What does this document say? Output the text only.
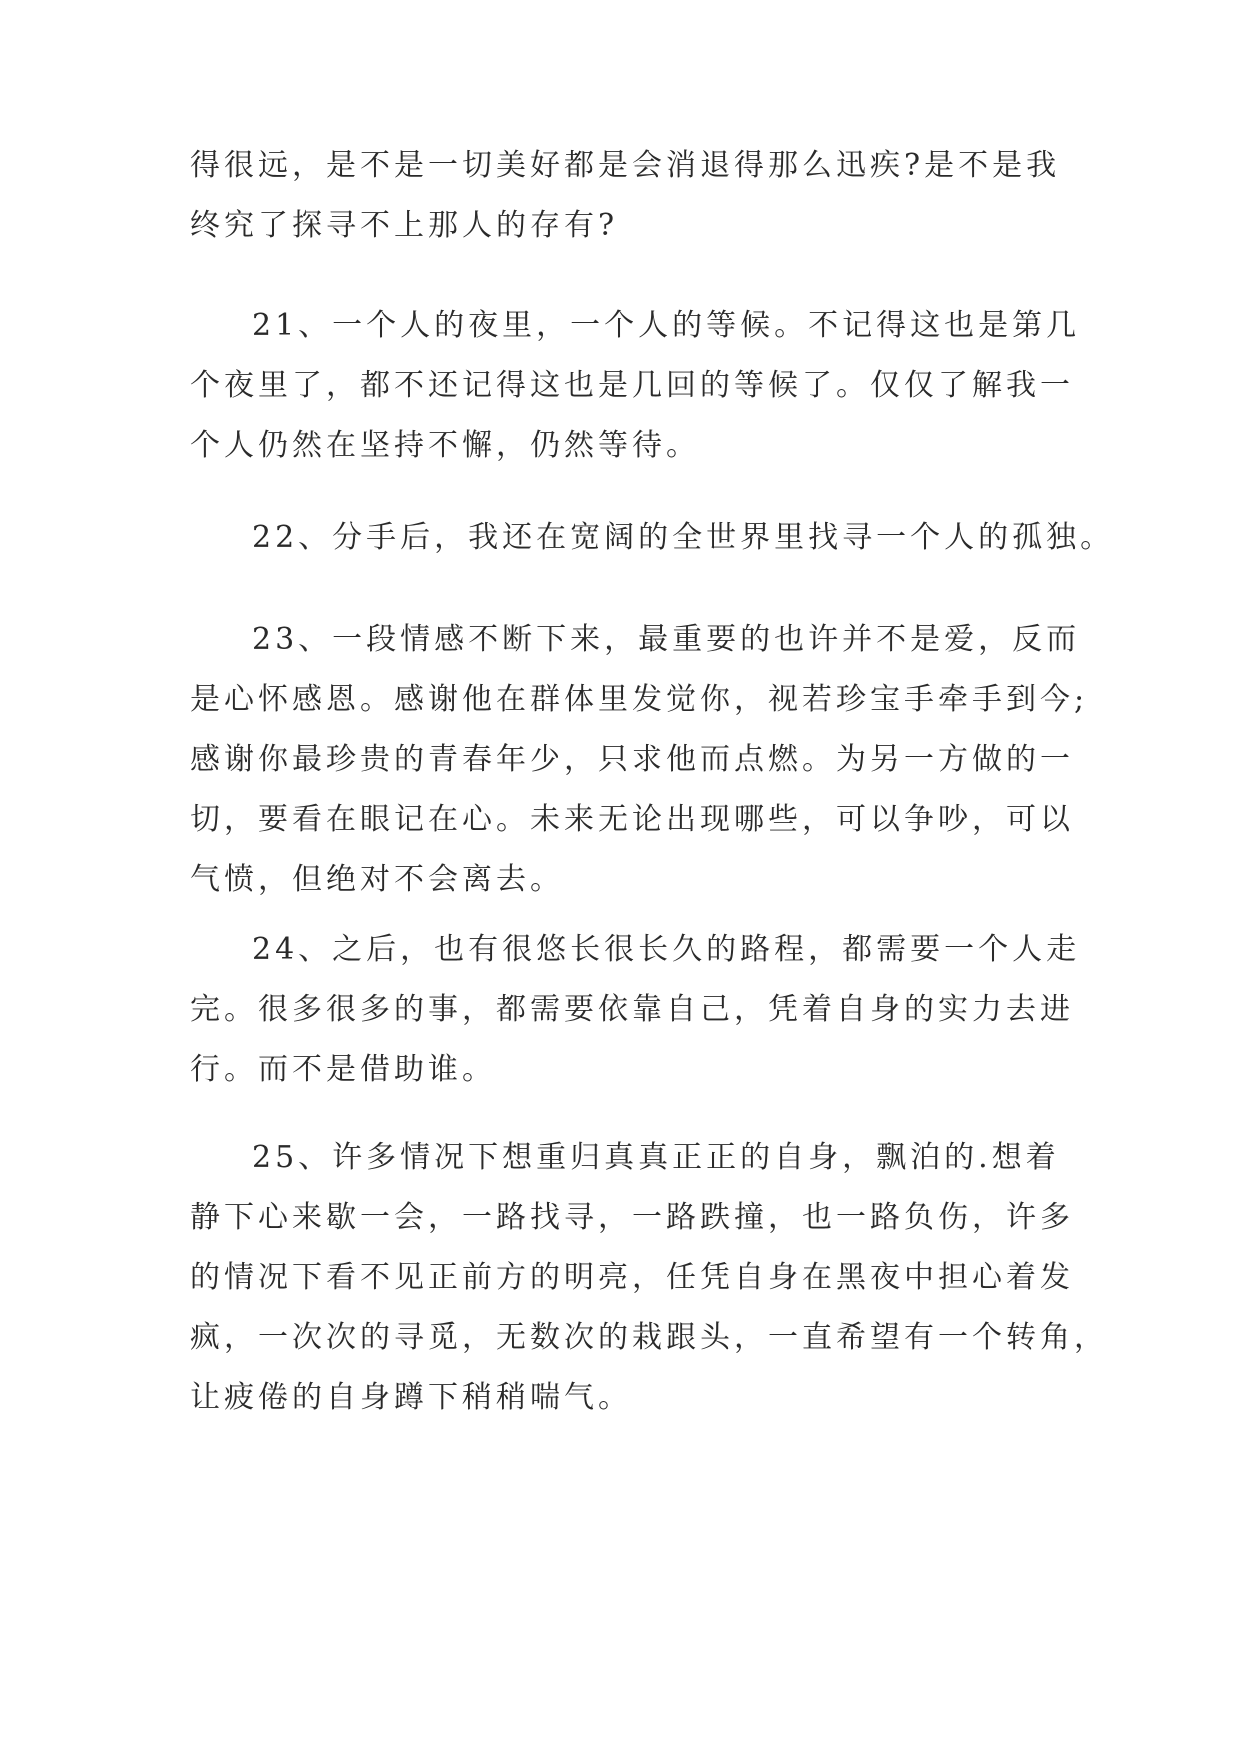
得很远，是不是一切美好都是会消退得那么迅疾?是不是我
终究了探寻不上那人的存有?
21、一个人的夜里，一个人的等候。不记得这也是第几
个夜里了，都不还记得这也是几回的等候了。仅仅了解我一
个人仍然在坚持不懈，仍然等待。
22、分手后，我还在宽阔的全世界里找寻一个人的孤独。
23、一段情感不断下来，最重要的也许并不是爱，反而
是心怀感恩。感谢他在群体里发觉你，视若珍宝手牵手到今;
感谢你最珍贵的青春年少，只求他而点燃。为另一方做的一
切，要看在眼记在心。未来无论出现哪些，可以争吵，可以
气愤，但绝对不会离去。
24、之后，也有很悠长很长久的路程，都需要一个人走
完。很多很多的事，都需要依靠自己，凭着自身的实力去进
行。而不是借助谁。
25、许多情况下想重归真真正正的自身，飘泊的.想着
静下心来歇一会，一路找寻，一路跌撞，也一路负伤，许多
的情况下看不见正前方的明亮，任凭自身在黑夜中担心着发
疯，一次次的寻觅，无数次的栽跟头，一直希望有一个转角，
让疲倦的自身蹲下稍稍喘气。
